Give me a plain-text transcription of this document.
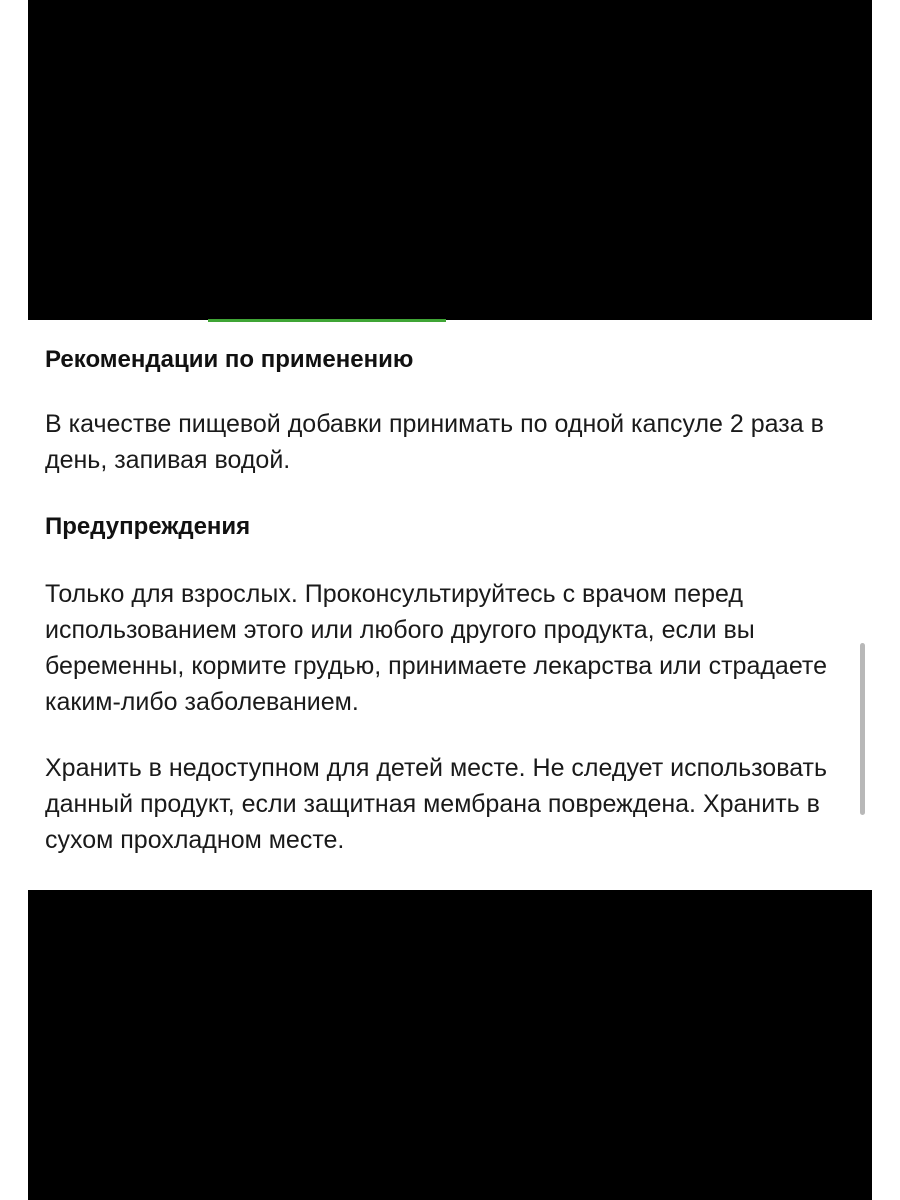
Рекомендации по применению

В качестве пищевой добавки принимать по одной капсуле 2 раза в день, запивая водой.

Предупреждения

Только для взрослых. Проконсультируйтесь с врачом перед использованием этого или любого другого продукта, если вы беременны, кормите грудью, принимаете лекарства или страдаете каким-либо заболеванием.

Хранить в недоступном для детей месте. Не следует использовать данный продукт, если защитная мембрана повреждена. Хранить в сухом прохладном месте.
